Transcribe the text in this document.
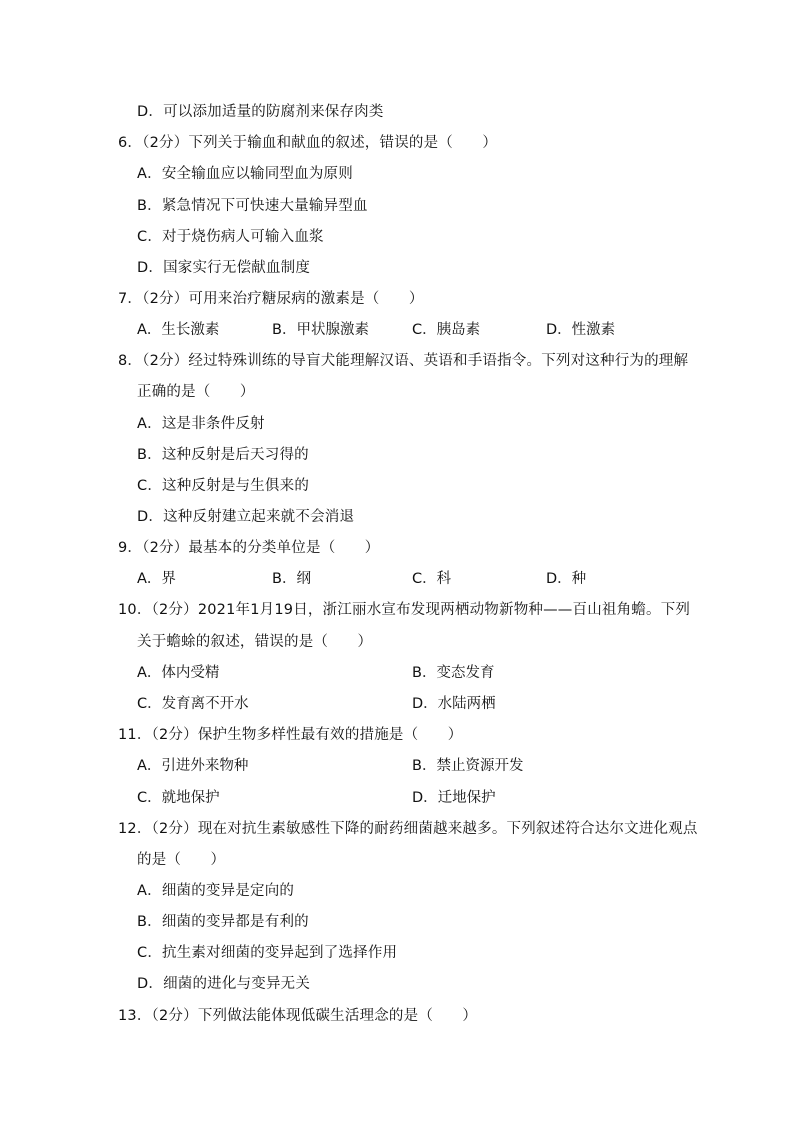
D．可以添加适量的防腐剂来保存肉类
6．（2分）下列关于输血和献血的叙述，错误的是（　　）
A．安全输血应以输同型血为原则
B．紧急情况下可快速大量输异型血
C．对于烧伤病人可输入血浆
D．国家实行无偿献血制度
7．（2分）可用来治疗糖尿病的激素是（　　）
A．生长激素	B．甲状腺激素	C．胰岛素	D．性激素
8．（2分）经过特殊训练的导盲犬能理解汉语、英语和手语指令。下列对这种行为的理解
正确的是（　　）
A．这是非条件反射
B．这种反射是后天习得的
C．这种反射是与生俱来的
D．这种反射建立起来就不会消退
9．（2分）最基本的分类单位是（　　）
A．界	B．纲	C．科	D．种
10．（2分）2021年1月19日，浙江丽水宣布发现两栖动物新物种——百山祖角蟾。下列
关于蟾蜍的叙述，错误的是（　　）
A．体内受精	B．变态发育
C．发育离不开水	D．水陆两栖
11．（2分）保护生物多样性最有效的措施是（　　）
A．引进外来物种	B．禁止资源开发
C．就地保护	D．迁地保护
12．（2分）现在对抗生素敏感性下降的耐药细菌越来越多。下列叙述符合达尔文进化观点
的是（　　）
A．细菌的变异是定向的
B．细菌的变异都是有利的
C．抗生素对细菌的变异起到了选择作用
D．细菌的进化与变异无关
13．（2分）下列做法能体现低碳生活理念的是（　　）
